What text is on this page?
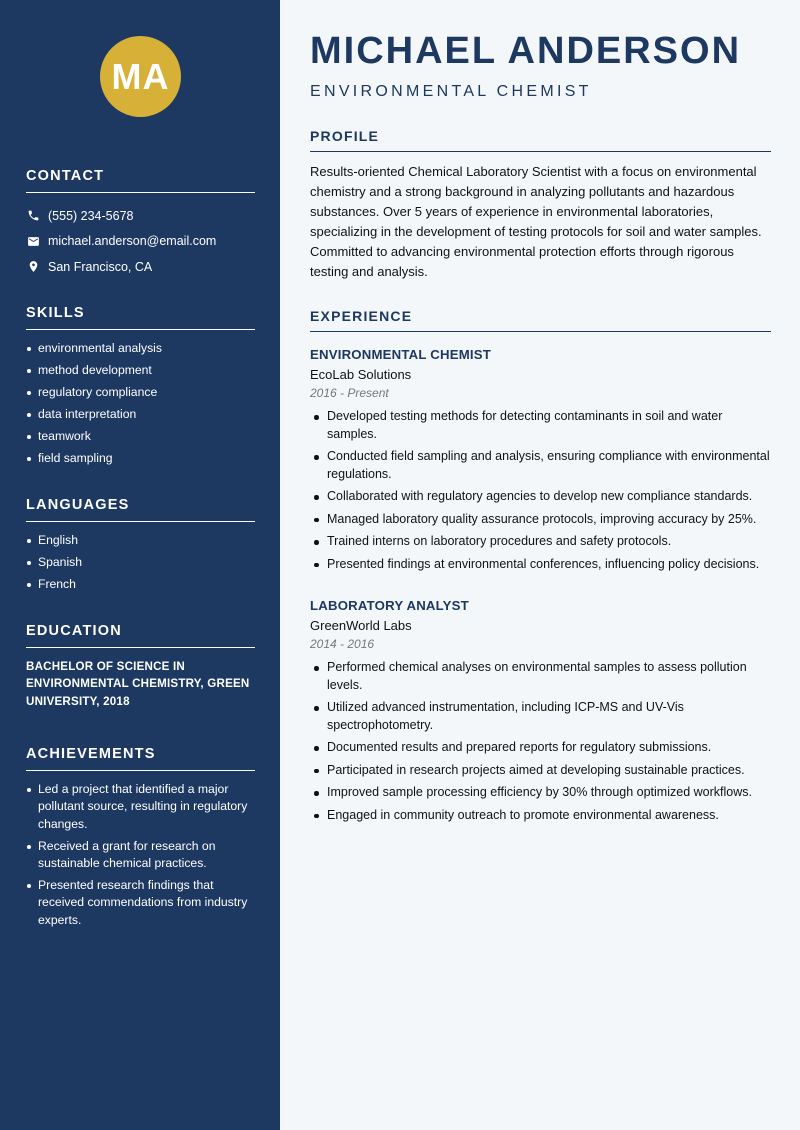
MA
CONTACT
(555) 234-5678
michael.anderson@email.com
San Francisco, CA
SKILLS
environmental analysis
method development
regulatory compliance
data interpretation
teamwork
field sampling
LANGUAGES
English
Spanish
French
EDUCATION
BACHELOR OF SCIENCE IN ENVIRONMENTAL CHEMISTRY, GREEN UNIVERSITY, 2018
ACHIEVEMENTS
Led a project that identified a major pollutant source, resulting in regulatory changes.
Received a grant for research on sustainable chemical practices.
Presented research findings that received commendations from industry experts.
MICHAEL ANDERSON
ENVIRONMENTAL CHEMIST
PROFILE

Results-oriented Chemical Laboratory Scientist with a focus on environmental chemistry and a strong background in analyzing pollutants and hazardous substances. Over 5 years of experience in environmental laboratories, specializing in the development of testing protocols for soil and water samples. Committed to advancing environmental protection efforts through rigorous testing and analysis.

EXPERIENCE
ENVIRONMENTAL CHEMIST
EcoLab Solutions
2016 - Present
Developed testing methods for detecting contaminants in soil and water samples.
Conducted field sampling and analysis, ensuring compliance with environmental regulations.
Collaborated with regulatory agencies to develop new compliance standards.
Managed laboratory quality assurance protocols, improving accuracy by 25%.
Trained interns on laboratory procedures and safety protocols.
Presented findings at environmental conferences, influencing policy decisions.
LABORATORY ANALYST
GreenWorld Labs
2014 - 2016
Performed chemical analyses on environmental samples to assess pollution levels.
Utilized advanced instrumentation, including ICP-MS and UV-Vis spectrophotometry.
Documented results and prepared reports for regulatory submissions.
Participated in research projects aimed at developing sustainable practices.
Improved sample processing efficiency by 30% through optimized workflows.
Engaged in community outreach to promote environmental awareness.
